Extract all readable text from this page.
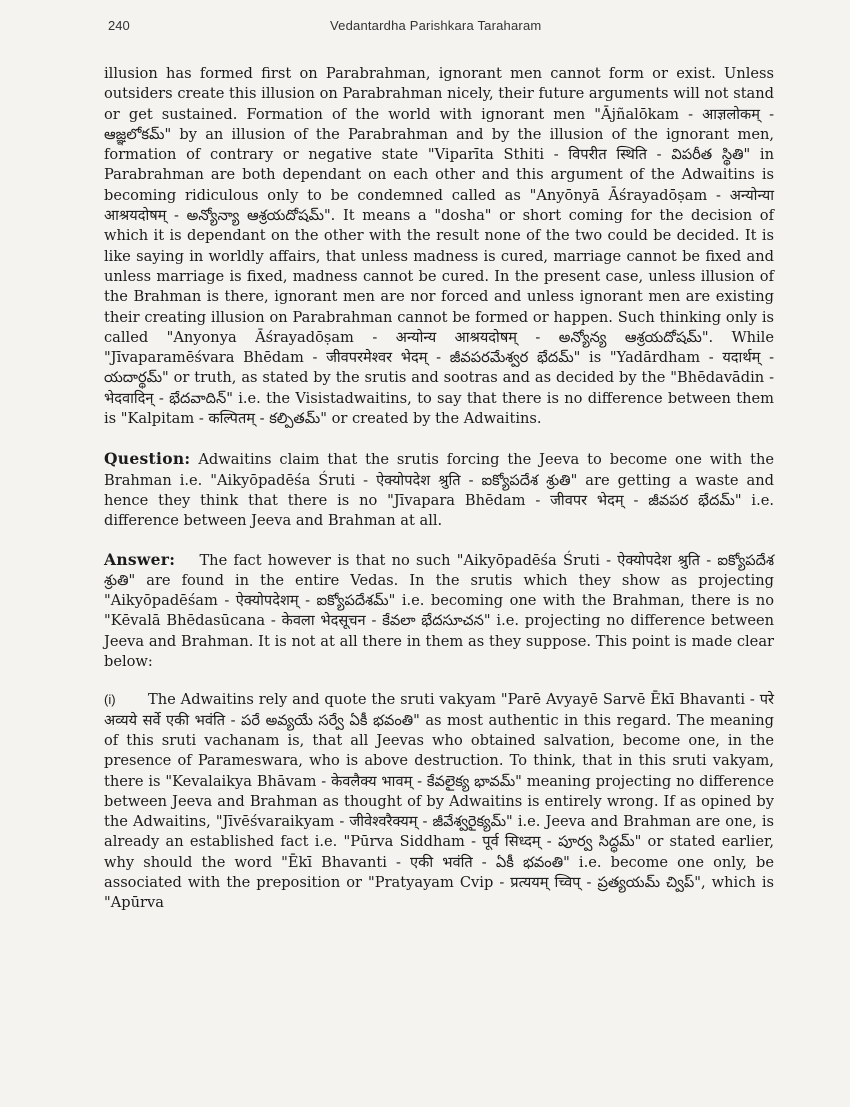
240	Vedantardha Parishkara Taraharam

illusion has formed first on Parabrahman, ignorant men cannot form or exist. Unless outsiders create this illusion on Parabrahman nicely, their future arguments will not stand or get sustained. Formation of the world with ignorant men "Ājñalōkam - आज्ञलोकम् - ఆజ్ఞలోకమ్" by an illusion of the Parabrahman and by the illusion of the ignorant men, formation of contrary or negative state "Viparīta Sthiti - विपरीत स्थिति - విపరీత స్థితి" in Parabrahman are both dependant on each other and this argument of the Adwaitins is becoming ridiculous only to be condemned called as "Anyōnyā Āśrayadōṣam - अन्योन्या आश्रयदोषम् - అన్యోన్యా ఆశ్రయదోషమ్". It means a "dosha" or short coming for the decision of which it is dependant on the other with the result none of the two could be decided. It is like saying in worldly affairs, that unless madness is cured, marriage cannot be fixed and unless marriage is fixed, madness cannot be cured. In the present case, unless illusion of the Brahman is there, ignorant men are nor forced and unless ignorant men are existing their creating illusion on Parabrahman cannot be formed or happen. Such thinking only is called "Anyonya Āśrayadōṣam - अन्योन्य आश्रयदोषम् - అన్యోన్య ఆశ్రయదోషమ్". While "Jīvaparamēśvara Bhēdam - जीवपरमेश्वर भेदम् - జీవపరమేశ్వర భేదమ్" is "Yadārdham - यदार्थम् - యదార్థమ్" or truth, as stated by the srutis and sootras and as decided by the "Bhēdavādin - भेदवादिन् - భేదవాదిన్" i.e. the Visistadwaitins, to say that there is no difference between them is "Kalpitam - कल्पितम् - కల్పితమ్" or created by the Adwaitins.

Question: Adwaitins claim that the srutis forcing the Jeeva to become one with the Brahman i.e. "Aikyōpadēśa Śruti - ऐक्योपदेश श्रुति - ఐక్యోపదేశ శ్రుతి" are getting a waste and hence they think that there is no "Jīvapara Bhēdam - जीवपर भेदम् - జీవపర భేదమ్" i.e. difference between Jeeva and Brahman at all.

Answer: The fact however is that no such "Aikyōpadēśa Śruti - ऐक्योपदेश श्रुति - ఐక్యోపదేశ శ్రుతి" are found in the entire Vedas. In the srutis which they show as projecting "Aikyōpadēśam - ऐक्योपदेशम् - ఐక్యోపదేశమ్" i.e. becoming one with the Brahman, there is no "Kēvalā Bhēdasūcana - केवला भेदसूचन - కేవలా భేదసూచన" i.e. projecting no difference between Jeeva and Brahman. It is not at all there in them as they suppose. This point is made clear below:

(i) The Adwaitins rely and quote the sruti vakyam "Parē Avyayē Sarvē Ēkī Bhavanti - परे अव्यये सर्वे एकी भवंति - పరే అవ్యయే సర్వే ఏకీ భవంతి" as most authentic in this regard. The meaning of this sruti vachanam is, that all Jeevas who obtained salvation, become one, in the presence of Parameswara, who is above destruction. To think, that in this sruti vakyam, there is "Kevalaikya Bhāvam - केवलैक्य भावम् - కేవలైక్య భావమ్" meaning projecting no difference between Jeeva and Brahman as thought of by Adwaitins is entirely wrong. If as opined by the Adwaitins, "Jīvēśvaraikyam - जीवेश्वरैक्यम् - జీవేశ్వరైక్యమ్" i.e. Jeeva and Brahman are one, is already an established fact i.e. "Pūrva Siddham - पूर्व सिध्दम् - పూర్వ సిద్ధమ్" or stated earlier, why should the word "Ēkī Bhavanti - एकी भवंति - ఏకీ భవంతి" i.e. become one only, be associated with the preposition or "Pratyayam Cvip - प्रत्ययम् च्विप् - ప్రత్యయమ్ చ్విప్", which is "Apūrva
